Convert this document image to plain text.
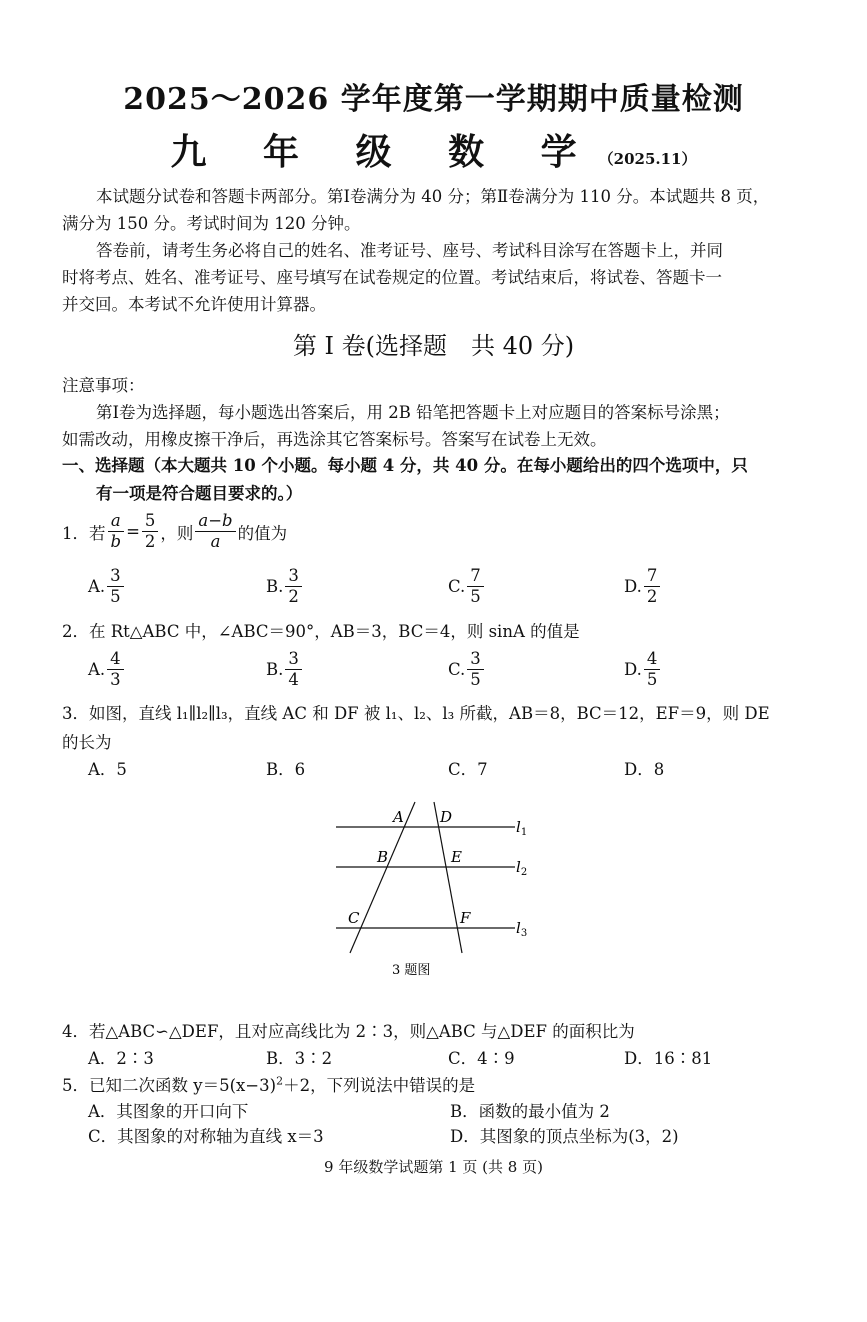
2025～2026 学年度第一学期期中质量检测
九 年 级 数 学（2025.11）
本试题分试卷和答题卡两部分。第Ⅰ卷满分为 40 分；第Ⅱ卷满分为 110 分。本试题共 8 页，
满分为 150 分。考试时间为 120 分钟。
答卷前，请考生务必将自己的姓名、准考证号、座号、考试科目涂写在答题卡上，并同
时将考点、姓名、准考证号、座号填写在试卷规定的位置。考试结束后，将试卷、答题卡一
并交回。本考试不允许使用计算器。
第 I 卷(选择题　共 40 分)
注意事项：
第Ⅰ卷为选择题，每小题选出答案后，用 2B 铅笔把答题卡上对应题目的答案标号涂黑；
如需改动，用橡皮擦干净后，再选涂其它答案标号。答案写在试卷上无效。
一、选择题（本大题共 10 个小题。每小题 4 分，共 40 分。在每小题给出的四个选项中，只
有一项是符合题目要求的。）
1． 若 $\frac{a}{b} = \frac{5}{2}$ ，则 $\frac{a-b}{a}$ 的值为
A. $\frac{3}{5}$	B. $\frac{3}{2}$	C. $\frac{7}{5}$	D. $\frac{7}{2}$
2．在 Rt△ABC 中，∠ABC＝90°，AB＝3，BC＝4，则 sinA 的值是
A. $\frac{4}{3}$	B. $\frac{3}{4}$	C. $\frac{3}{5}$	D. $\frac{4}{5}$
3．如图，直线 l₁∥l₂∥l₃，直线 AC 和 DF 被 l₁、l₂、l₃ 所截，AB＝8，BC＝12，EF＝9，则 DE
的长为
A．5	B．6	C．7	D．8
A
B
C
D
E
F
$l_1$
$l_2$
$l_3$
3 题图
4．若△ABC∽△DEF，且对应高线比为 2∶3，则△ABC 与△DEF 的面积比为
A．2∶3	B．3∶2	C．4∶9	D．16∶81
5．已知二次函数 $y=5(x-3)^2+2$，下列说法中错误的是
A．其图象的开口向下	B．函数的最小值为 2
C．其图象的对称轴为直线 x＝3	D．其图象的顶点坐标为(3，2)
9 年级数学试题第 1 页 (共 8 页)
